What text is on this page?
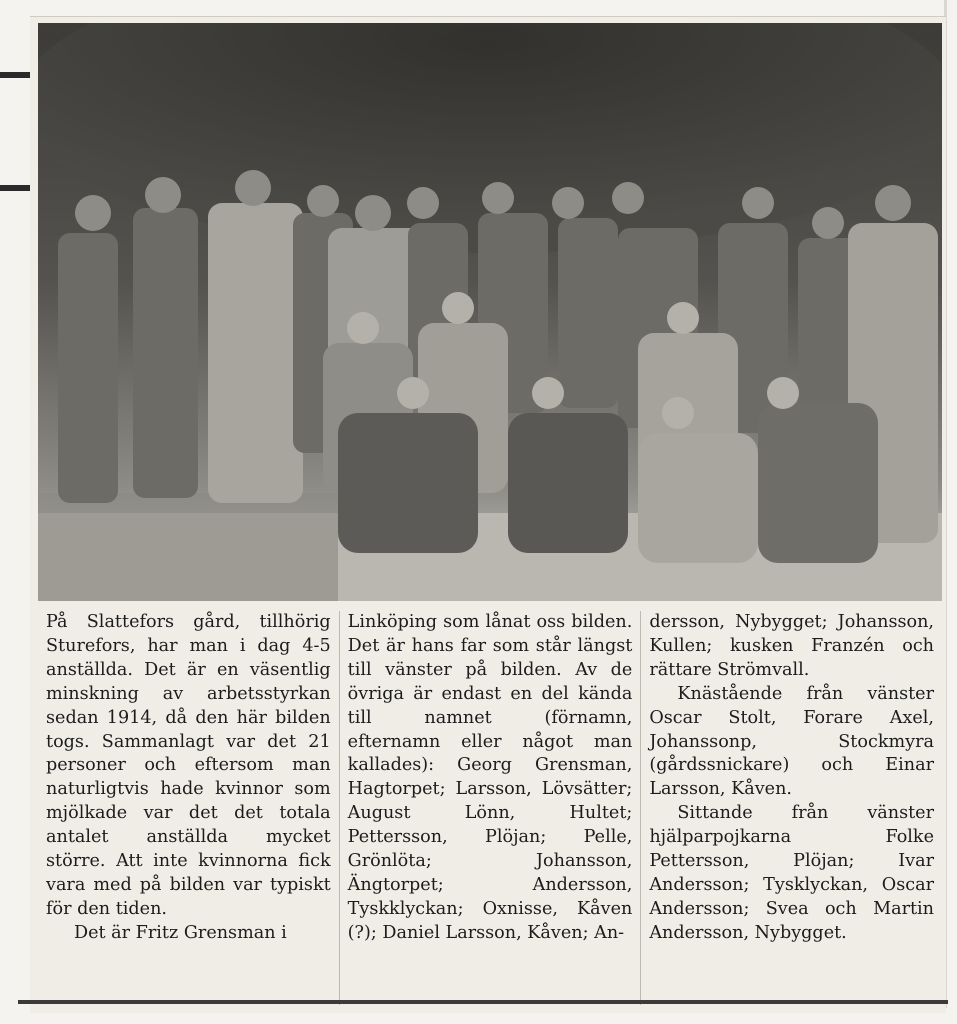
På Slattefors gård, tillhörig Sturefors, har man i dag 4-5 anställda. Det är en väsentlig minskning av arbetsstyrkan sedan 1914, då den här bilden togs. Sammanlagt var det 21 personer och eftersom man naturligtvis hade kvinnor som mjölkade var det det totala antalet anställda mycket större. Att inte kvinnorna fick vara med på bilden var typiskt för den tiden.

Det är Fritz Grensman i

Linköping som lånat oss bilden. Det är hans far som står längst till vänster på bilden. Av de övriga är endast en del kända till namnet (förnamn, efternamn eller något man kallades): Georg Grensman, Hagtorpet; Larsson, Lövsätter; August Lönn, Hultet; Pettersson, Plöjan; Pelle, Grönlöta; Johansson, Ängtorpet; Andersson, Tyskklyckan; Oxnisse, Kåven (?); Daniel Larsson, Kåven; An-

dersson, Nybygget; Johansson, Kullen; kusken Franzén och rättare Strömvall.

Knästående från vänster Oscar Stolt, Forare Axel, Johanssonp, Stockmyra (gårdssnickare) och Einar Larsson, Kåven.

Sittande från vänster hjälparpojkarna Folke Pettersson, Plöjan; Ivar Andersson; Tysklyckan, Oscar Andersson; Svea och Martin Andersson, Nybygget.
